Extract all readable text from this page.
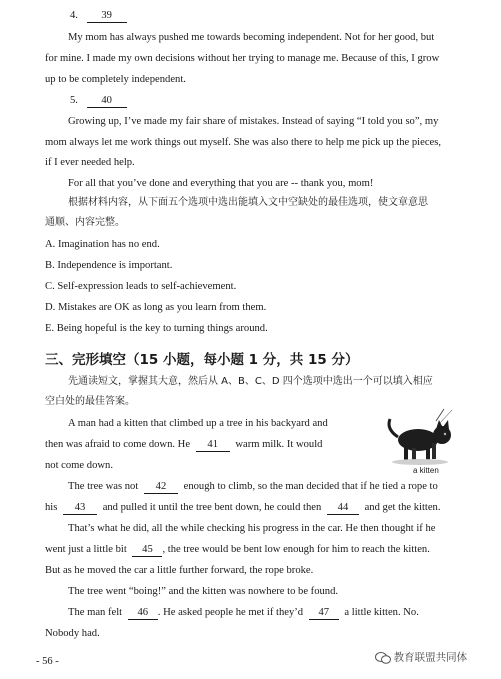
4. 39
My mom has always pushed me towards becoming independent. Not for her good, but
for mine. I made my own decisions without her trying to manage me. Because of this, I grow
up to be completely independent.
5. 40
Growing up, I’ve made my fair share of mistakes. Instead of saying “I told you so”, my
mom always let me work things out myself. She was also there to help me pick up the pieces,
if I ever needed help.
For all that you’ve done and everything that you are -- thank you, mom!
根据材料内容，从下面五个选项中选出能填入文中空缺处的最佳选项，使文章意思
通顺、内容完整。
A. Imagination has no end.
B. Independence is important.
C. Self-expression leads to self-achievement.
D. Mistakes are OK as long as you learn from them.
E. Being hopeful is the key to turning things around.
三、完形填空（15 小题，每小题 1 分，共 15 分）
先通读短文，掌握其大意，然后从 A、B、C、D 四个选项中选出一个可以填入相应
空白处的最佳答案。
A man had a kitten that climbed up a tree in his backyard and
then was afraid to come down. He 41 warm milk. It would
not come down.	a kitten
The tree was not 42 enough to climb, so the man decided that if he tied a rope to
his 43 and pulled it until the tree bent down, he could then 44 and get the kitten.
That’s what he did, all the while checking his progress in the car. He then thought if he
went just a little bit 45 , the tree would be bent low enough for him to reach the kitten.
But as he moved the car a little further forward, the rope broke.
The tree went “boing!” and the kitten was nowhere to be found.
The man felt 46 . He asked people he met if they’d 47 a little kitten. No.
Nobody had.
- 56 -	教育联盟共同体
